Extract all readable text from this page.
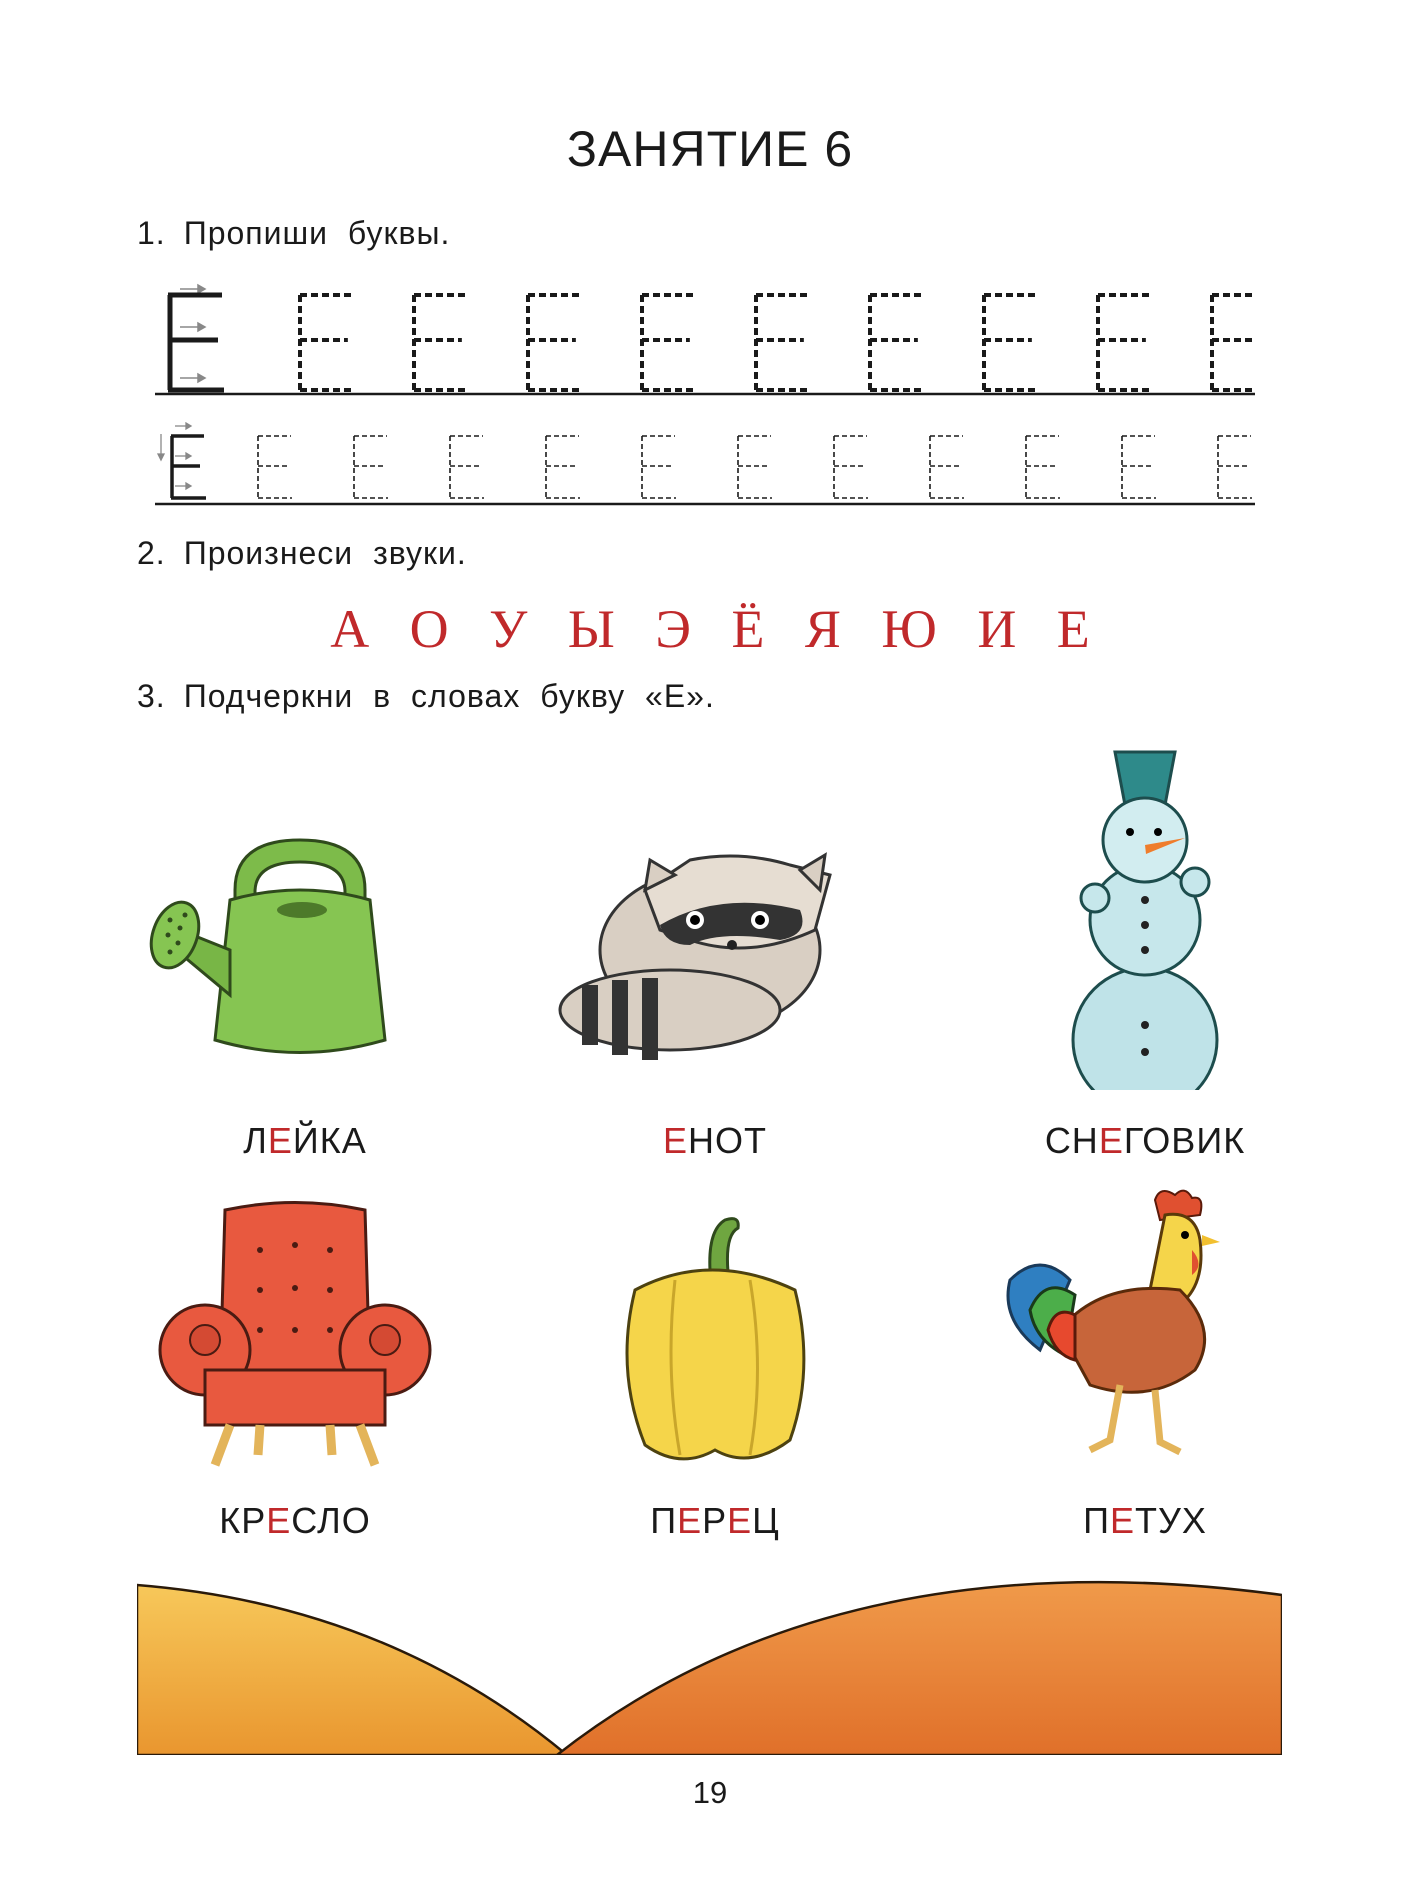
ЗАНЯТИЕ 6
1. Пропиши буквы.
2. Произнеси звуки.
А О У Ы Э Ё Я Ю И Е
3. Подчеркни в словах букву «Е».
ЛЕЙКА	ЕНОТ	СНЕГОВИК
КРЕСЛО	ПЕРЕЦ	ПЕТУХ
19
